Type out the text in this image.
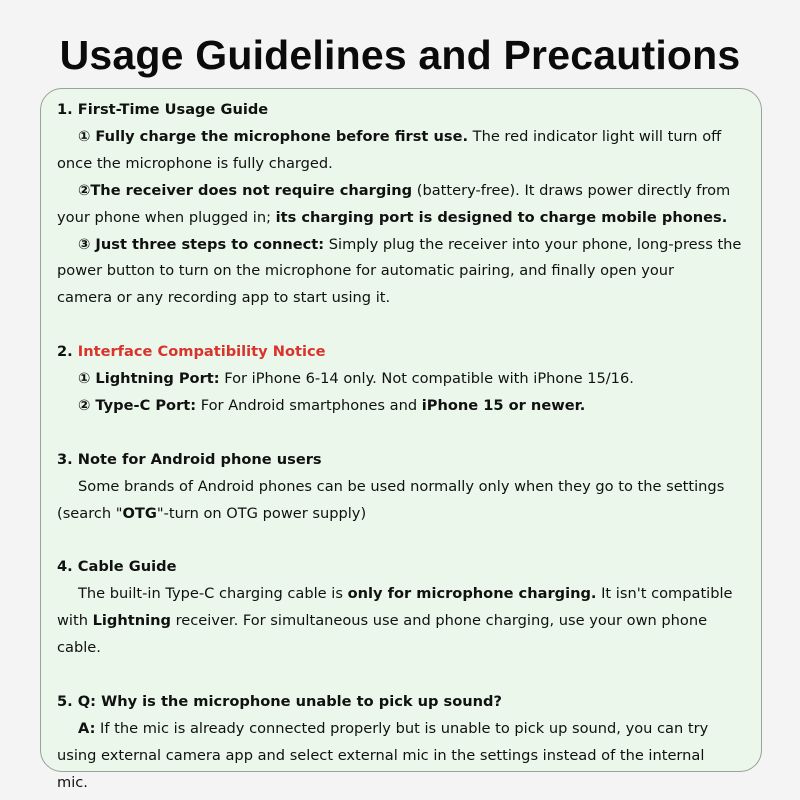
Usage Guidelines and Precautions
1. First-Time Usage Guide
① Fully charge the microphone before first use. The red indicator light will turn off
once the microphone is fully charged.
②The receiver does not require charging (battery-free). It draws power directly from
your phone when plugged in; its charging port is designed to charge mobile phones.
③ Just three steps to connect: Simply plug the receiver into your phone, long-press the
power button to turn on the microphone for automatic pairing, and finally open your
camera or any recording app to start using it.
2. Interface Compatibility Notice
① Lightning Port: For iPhone 6-14 only. Not compatible with iPhone 15/16.
② Type-C Port: For Android smartphones and iPhone 15 or newer.
3. Note for Android phone users
Some brands of Android phones can be used normally only when they go to the settings
(search "OTG"-turn on OTG power supply)
4. Cable Guide
The built-in Type-C charging cable is only for microphone charging. It isn't compatible
with Lightning receiver. For simultaneous use and phone charging, use your own phone
cable.
5. Q: Why is the microphone unable to pick up sound?
A: If the mic is already connected properly but is unable to pick up sound, you can try
using external camera app and select external mic in the settings instead of the internal
mic.
